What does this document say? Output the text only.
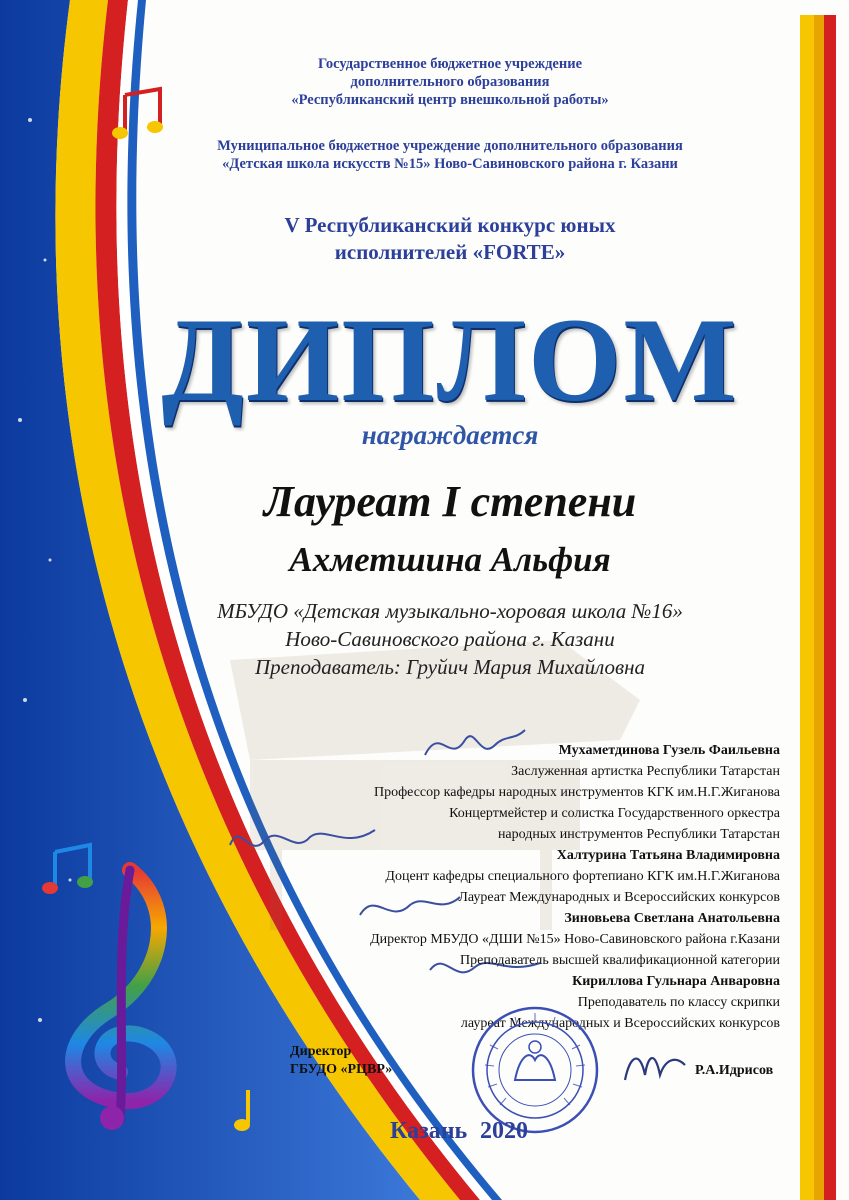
Государственное бюджетное учреждение
дополнительного образования
«Республиканский центр внешкольной работы»
Муниципальное бюджетное учреждение дополнительного образования
«Детская школа искусств №15» Ново-Савиновского района г. Казани
V Республиканский конкурс юных
исполнителей «FORTE»
ДИПЛОМ
награждается
Лауреат I степени
Ахметшина Альфия
МБУДО «Детская музыкально-хоровая школа №16»
Ново-Савиновского района г. Казани
Преподаватель: Груйич Мария Михайловна
Мухаметдинова Гузель Фаильевна
Заслуженная артистка Республики Татарстан
Профессор кафедры народных инструментов КГК им.Н.Г.Жиганова
Концертмейстер и солистка Государственного оркестра
народных инструментов Республики Татарстан
Халтурина Татьяна Владимировна
Доцент кафедры специального фортепиано КГК им.Н.Г.Жиганова
Лауреат Международных и Всероссийских конкурсов
Зиновьева Светлана Анатольевна
Директор МБУДО «ДШИ №15» Ново-Савиновского района г.Казани
Преподаватель высшей квалификационной категории
Кириллова Гульнара Анваровна
Преподаватель по классу скрипки
лауреат Международных и Всероссийских конкурсов
Директор
ГБУДО «РЦВР»	Р.А.Идрисов
Казань 2020
